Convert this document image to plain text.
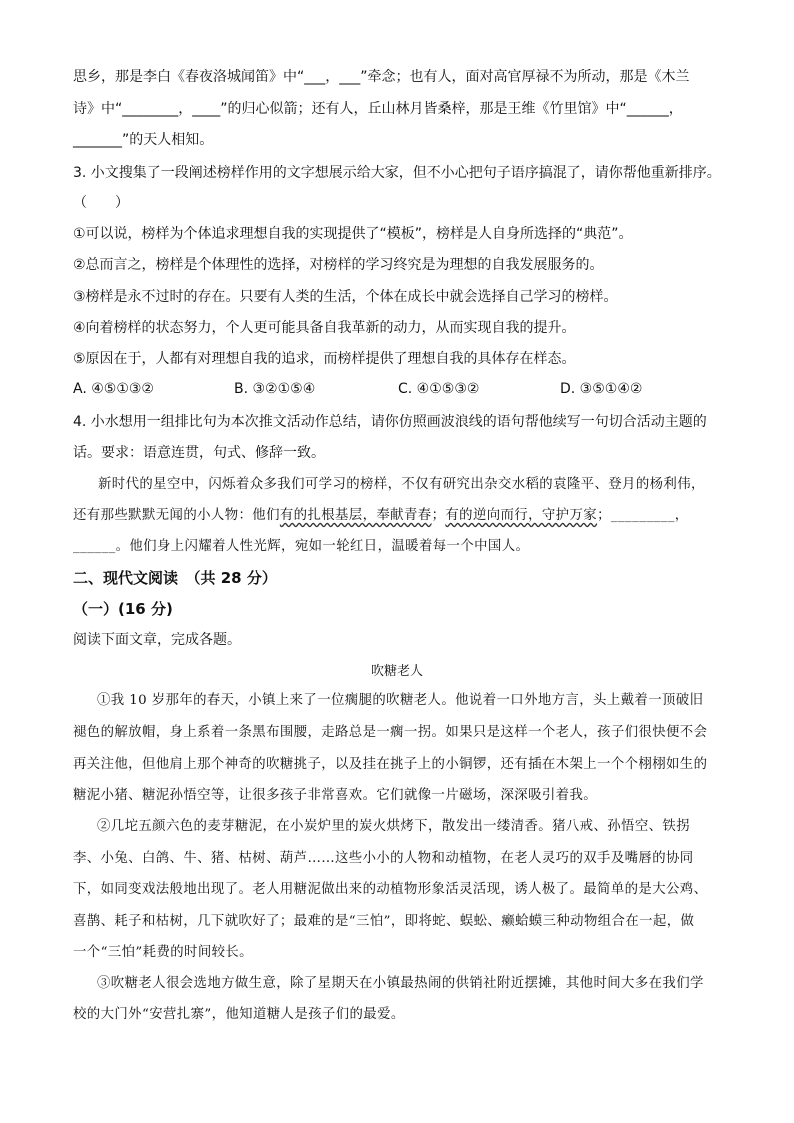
思乡，那是李白《春夜洛城闻笛》中“___，___”牵念；也有人，面对高官厚禄不为所动，那是《木兰

诗》中“________，____”的归心似箭；还有人，丘山林月皆桑梓，那是王维《竹里馆》中“______，

_______”的天人相知。

3. 小文搜集了一段阐述榜样作用的文字想展示给大家，但不小心把句子语序搞混了，请你帮他重新排序。

（　　）

①可以说，榜样为个体追求理想自我的实现提供了“模板”，榜样是人自身所选择的“典范”。

②总而言之，榜样是个体理性的选择，对榜样的学习终究是为理想的自我发展服务的。

③榜样是永不过时的存在。只要有人类的生活，个体在成长中就会选择自己学习的榜样。

④向着榜样的状态努力，个人更可能具备自我革新的动力，从而实现自我的提升。

⑤原因在于，人都有对理想自我的追求，而榜样提供了理想自我的具体存在样态。

A. ④⑤①③②	B. ③②①⑤④	C. ④①⑤③②	D. ③⑤①④②

4. 小水想用一组排比句为本次推文活动作总结，请你仿照画波浪线的语句帮他续写一句切合活动主题的

话。要求：语意连贯，句式、修辞一致。

新时代的星空中，闪烁着众多我们可学习的榜样，不仅有研究出杂交水稻的袁隆平、登月的杨利伟，

还有那些默默无闻的小人物：他们有的扎根基层，奉献青春；有的逆向而行，守护万家；_________，

______。他们身上闪耀着人性光辉，宛如一轮红日，温暖着每一个中国人。

二、现代文阅读　（共 28 分）

（一）(16 分)

阅读下面文章，完成各题。

吹糖老人

①我 10 岁那年的春天，小镇上来了一位瘸腿的吹糖老人。他说着一口外地方言，头上戴着一顶破旧

褪色的解放帽，身上系着一条黑布围腰，走路总是一瘸一拐。如果只是这样一个老人，孩子们很快便不会

再关注他，但他肩上那个神奇的吹糖挑子，以及挂在挑子上的小铜锣，还有插在木架上一个个栩栩如生的

糖泥小猪、糖泥孙悟空等，让很多孩子非常喜欢。它们就像一片磁场，深深吸引着我。

②几坨五颜六色的麦芽糖泥，在小炭炉里的炭火烘烤下，散发出一缕清香。猪八戒、孙悟空、铁拐

李、小兔、白鸽、牛、猪、枯树、葫芦……这些小小的人物和动植物，在老人灵巧的双手及嘴唇的协同

下，如同变戏法般地出现了。老人用糖泥做出来的动植物形象活灵活现，诱人极了。最简单的是大公鸡、

喜鹊、耗子和枯树，几下就吹好了；最难的是“三怕”，即将蛇、蜈蚣、癞蛤蟆三种动物组合在一起，做

一个“三怕”耗费的时间较长。

③吹糖老人很会选地方做生意，除了星期天在小镇最热闹的供销社附近摆摊，其他时间大多在我们学

校的大门外“安营扎寨”，他知道糖人是孩子们的最爱。
